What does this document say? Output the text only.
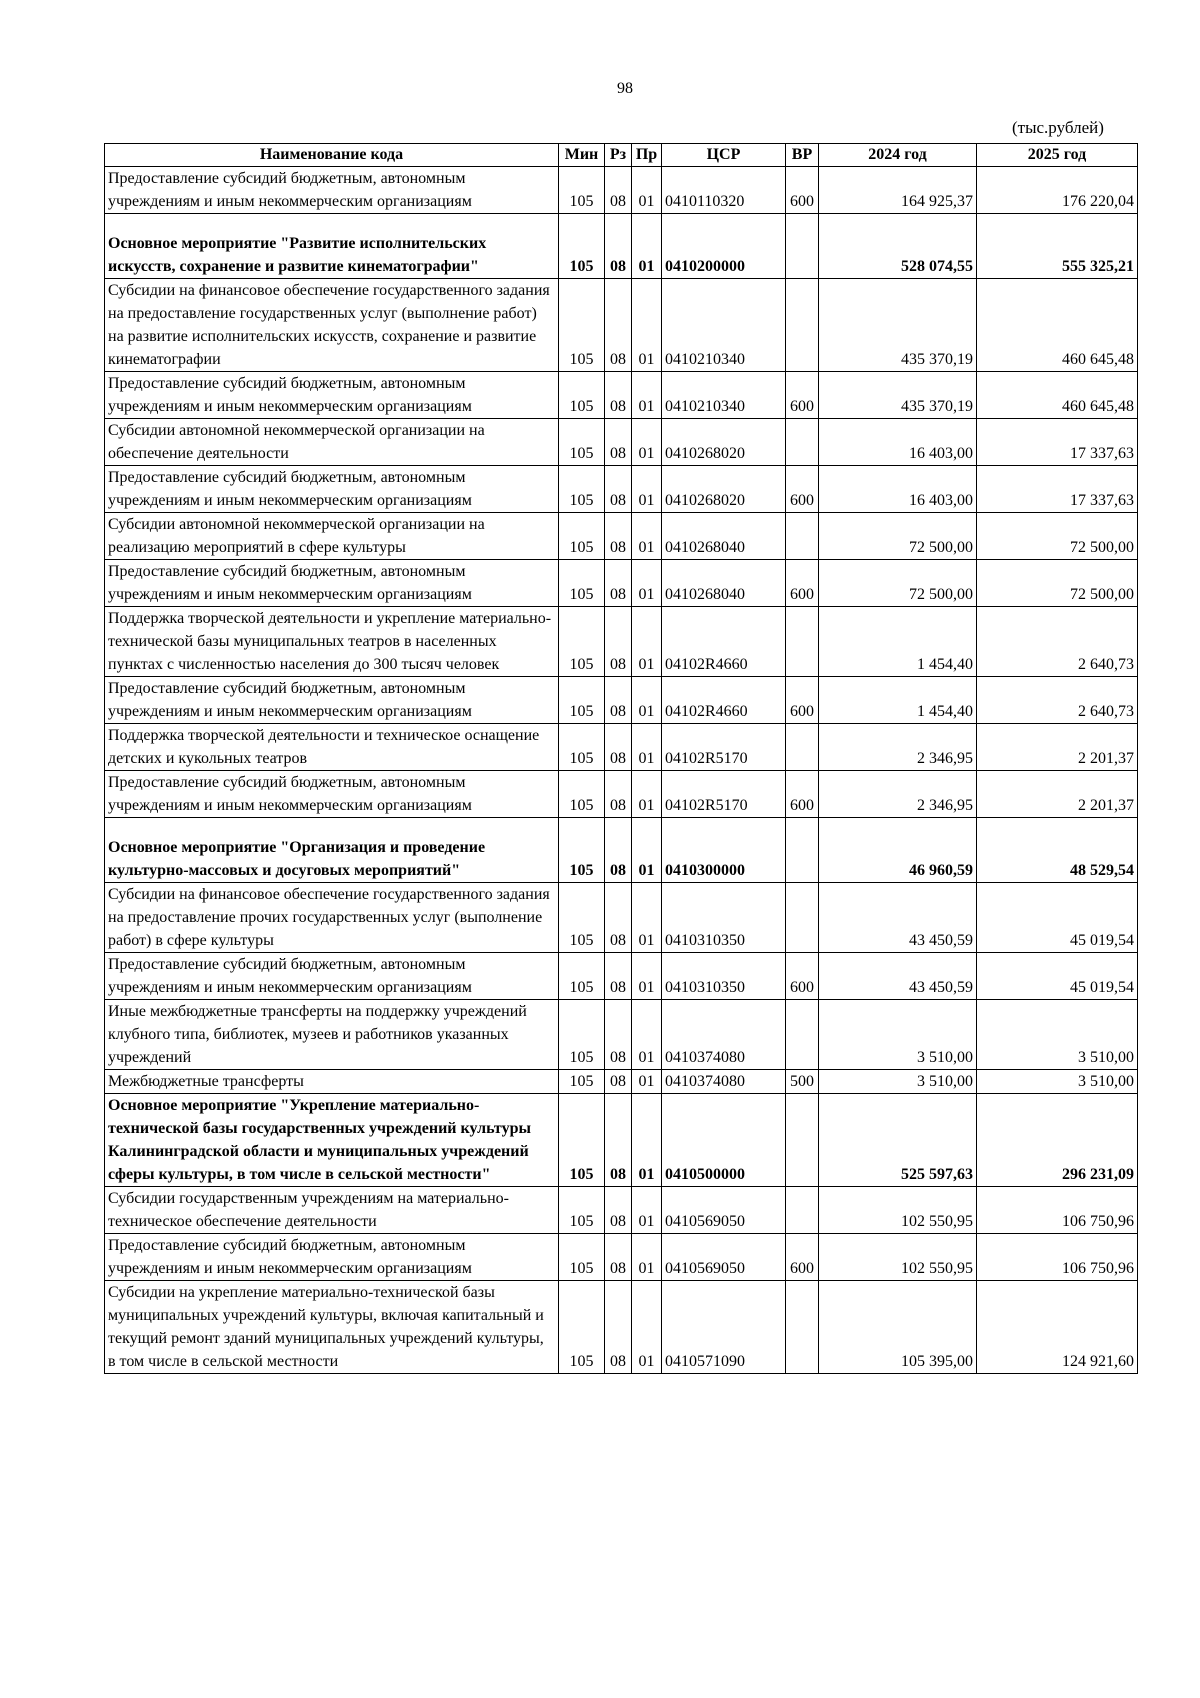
98
(тыс.рублей)
Наименование кода	Мин	Рз	Пр	ЦСР	ВР	2024 год	2025 год
Предоставление субсидий бюджетным, автономным учреждениям и иным некоммерческим организациям	105	08	01	0410110320	600	164 925,37	176 220,04
Основное мероприятие "Развитие исполнительских искусств, сохранение и развитие кинематографии"	105	08	01	0410200000		528 074,55	555 325,21
Субсидии на финансовое обеспечение государственного задания на предоставление государственных услуг (выполнение работ) на развитие исполнительских искусств, сохранение и развитие кинематографии	105	08	01	0410210340		435 370,19	460 645,48
Предоставление субсидий бюджетным, автономным учреждениям и иным некоммерческим организациям	105	08	01	0410210340	600	435 370,19	460 645,48
Субсидии автономной некоммерческой организации на обеспечение деятельности	105	08	01	0410268020		16 403,00	17 337,63
Предоставление субсидий бюджетным, автономным учреждениям и иным некоммерческим организациям	105	08	01	0410268020	600	16 403,00	17 337,63
Субсидии автономной некоммерческой организации на реализацию мероприятий в сфере культуры	105	08	01	0410268040		72 500,00	72 500,00
Предоставление субсидий бюджетным, автономным учреждениям и иным некоммерческим организациям	105	08	01	0410268040	600	72 500,00	72 500,00
Поддержка творческой деятельности и укрепление материально-технической базы муниципальных театров в населенных пунктах с численностью населения до 300 тысяч человек	105	08	01	04102R4660		1 454,40	2 640,73
Предоставление субсидий бюджетным, автономным учреждениям и иным некоммерческим организациям	105	08	01	04102R4660	600	1 454,40	2 640,73
Поддержка творческой деятельности и техническое оснащение детских и кукольных театров	105	08	01	04102R5170		2 346,95	2 201,37
Предоставление субсидий бюджетным, автономным учреждениям и иным некоммерческим организациям	105	08	01	04102R5170	600	2 346,95	2 201,37
Основное мероприятие "Организация и проведение культурно-массовых и досуговых мероприятий"	105	08	01	0410300000		46 960,59	48 529,54
Субсидии на финансовое обеспечение государственного задания на предоставление прочих государственных услуг (выполнение работ) в сфере культуры	105	08	01	0410310350		43 450,59	45 019,54
Предоставление субсидий бюджетным, автономным учреждениям и иным некоммерческим организациям	105	08	01	0410310350	600	43 450,59	45 019,54
Иные межбюджетные трансферты на поддержку учреждений клубного типа, библиотек, музеев и работников указанных учреждений	105	08	01	0410374080		3 510,00	3 510,00
Межбюджетные трансферты	105	08	01	0410374080	500	3 510,00	3 510,00
Основное мероприятие "Укрепление материально-технической базы государственных учреждений культуры Калининградской области и муниципальных учреждений сферы культуры, в том числе в сельской местности"	105	08	01	0410500000		525 597,63	296 231,09
Субсидии государственным учреждениям на материально-техническое обеспечение деятельности	105	08	01	0410569050		102 550,95	106 750,96
Предоставление субсидий бюджетным, автономным учреждениям и иным некоммерческим организациям	105	08	01	0410569050	600	102 550,95	106 750,96
Субсидии на укрепление материально-технической базы муниципальных учреждений культуры, включая капитальный и текущий ремонт зданий муниципальных учреждений культуры, в том числе в сельской местности	105	08	01	0410571090		105 395,00	124 921,60
